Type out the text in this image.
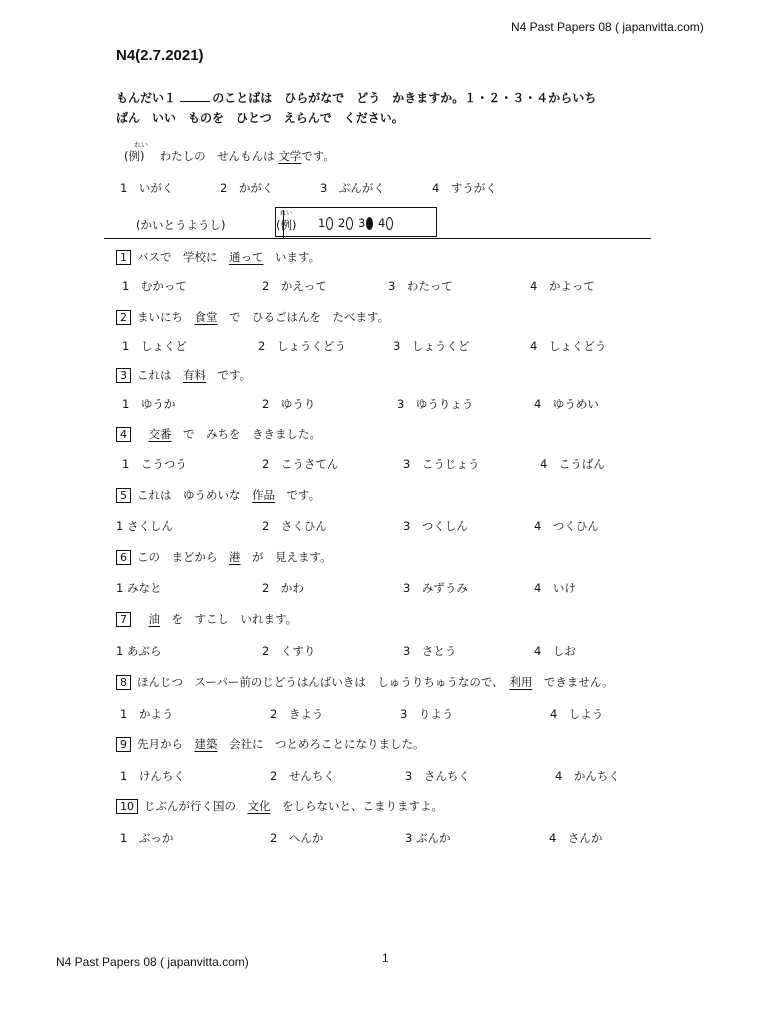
N4 Past Papers 08 ( japanvitta.com)
N4(2.7.2021)
もんだい１	のことばは　ひらがなで　どう　かきますか。１・２・３・４からいち
ばん　いい　ものを　ひとつ　えらんで　ください。
れい
(例)　 わたしの　せんもんは 文学です。
1　いがく	2　かがく	3　ぶんがく	4　すうがく
(かいとうようし)
れい
(例) 1 2 3 4
1 バスで　学校に　 通って　 います。
1　むかって	2　かえって	3　わたって	4　かよって
2 まいにち　 食堂　 で　ひるごはんを　たべます。
1　しょくど	2　しょうくどう	3　しょうくど	4　しょくどう
3 これは　 有料　 です。
1　ゆうか	2　ゆうり	3　ゆうりょう	4　ゆうめい
4　 交番　 で　みちを　ききました。
1　こうつう	2　こうさてん	3　こうじょう	4　こうばん
5 これは　ゆうめいな　 作品　 です。
1 さくしん	2　さくひん	3　つくしん	4　つくひん
6 この　まどから　 港　 が　見えます。
1 みなと	2　かわ	3　みずうみ	4　いけ
7　 油　 を　すこし　いれます。
1 あぶら	2　くすり	3　さとう	4　しお
8 ほんじつ　スーパー前のじどうはんばいきは　しゅうりちゅうなので、　 利用　 できません。
1　かよう	2　きよう	3　りよう	4　しよう
9 先月から　 建築　 会社に　つとめろことになりました。
1　けんちく	2　せんちく	3　さんちく	4　かんちく
10 じぶんが行く国の　 文化　 をしらないと、こまりますよ。
1　ぶっか	2　へんか	3 ぶんか	4　さんか
N4 Past Papers 08 ( japanvitta.com)	1
